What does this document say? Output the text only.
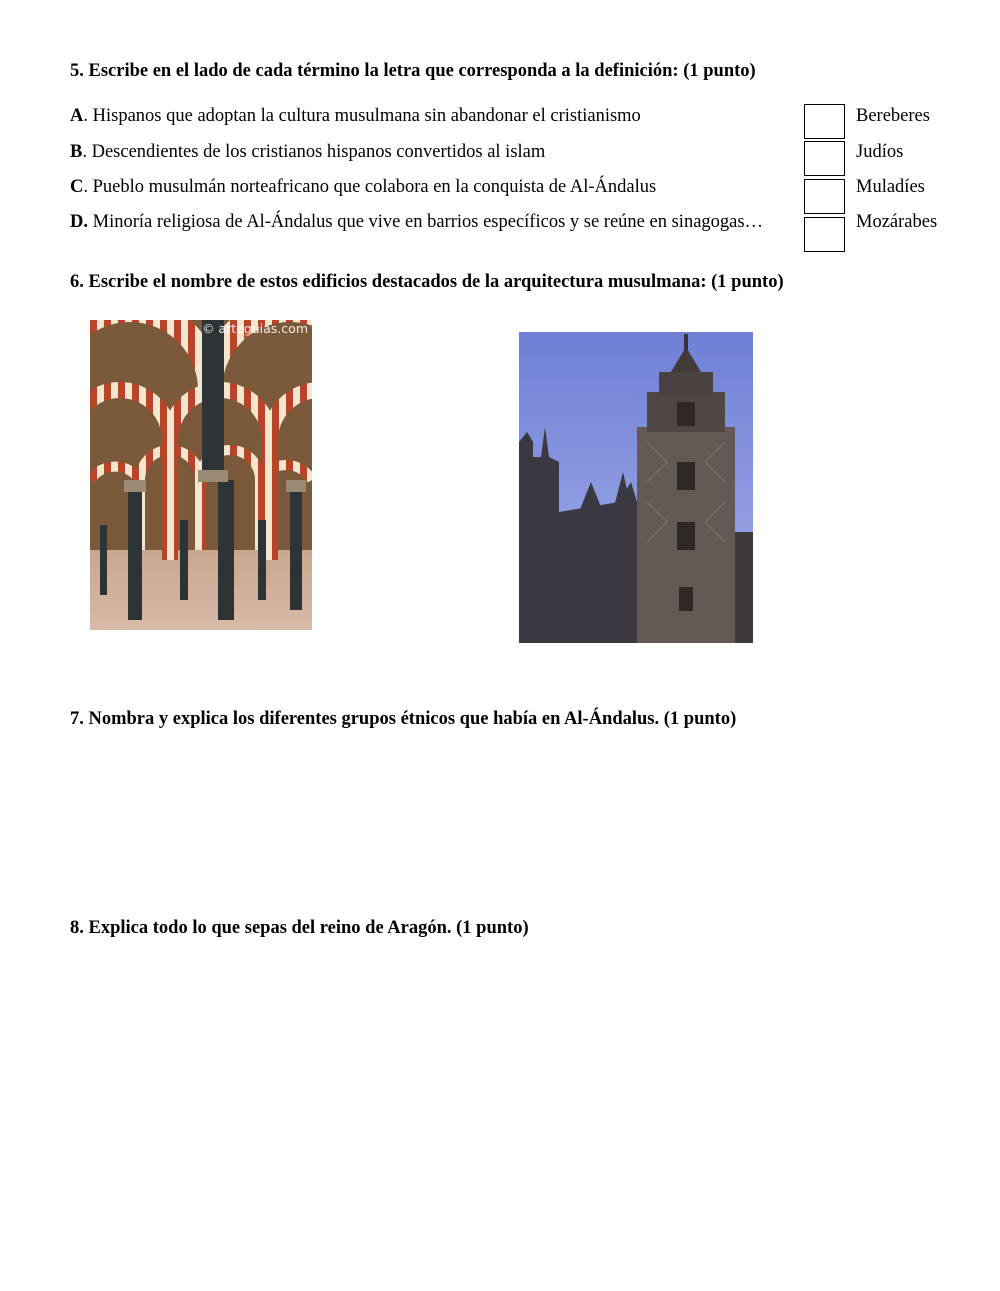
5. Escribe en el lado de cada término la letra que corresponda a la definición: (1 punto)
A. Hispanos que adoptan la cultura musulmana sin abandonar el cristianismo
B. Descendientes de los cristianos hispanos convertidos al islam
C. Pueblo musulmán norteafricano que colabora en la conquista de Al-Ándalus
D. Minoría religiosa de Al-Ándalus que vive en barrios específicos y se reúne en sinagogas…
Bereberes
Judíos
Muladíes
Mozárabes
6. Escribe el nombre de estos edificios destacados de la arquitectura musulmana: (1 punto)
© arteguias.com
7. Nombra y explica los diferentes grupos étnicos que había en Al-Ándalus. (1 punto)
8. Explica todo lo que sepas del reino de Aragón. (1 punto)
